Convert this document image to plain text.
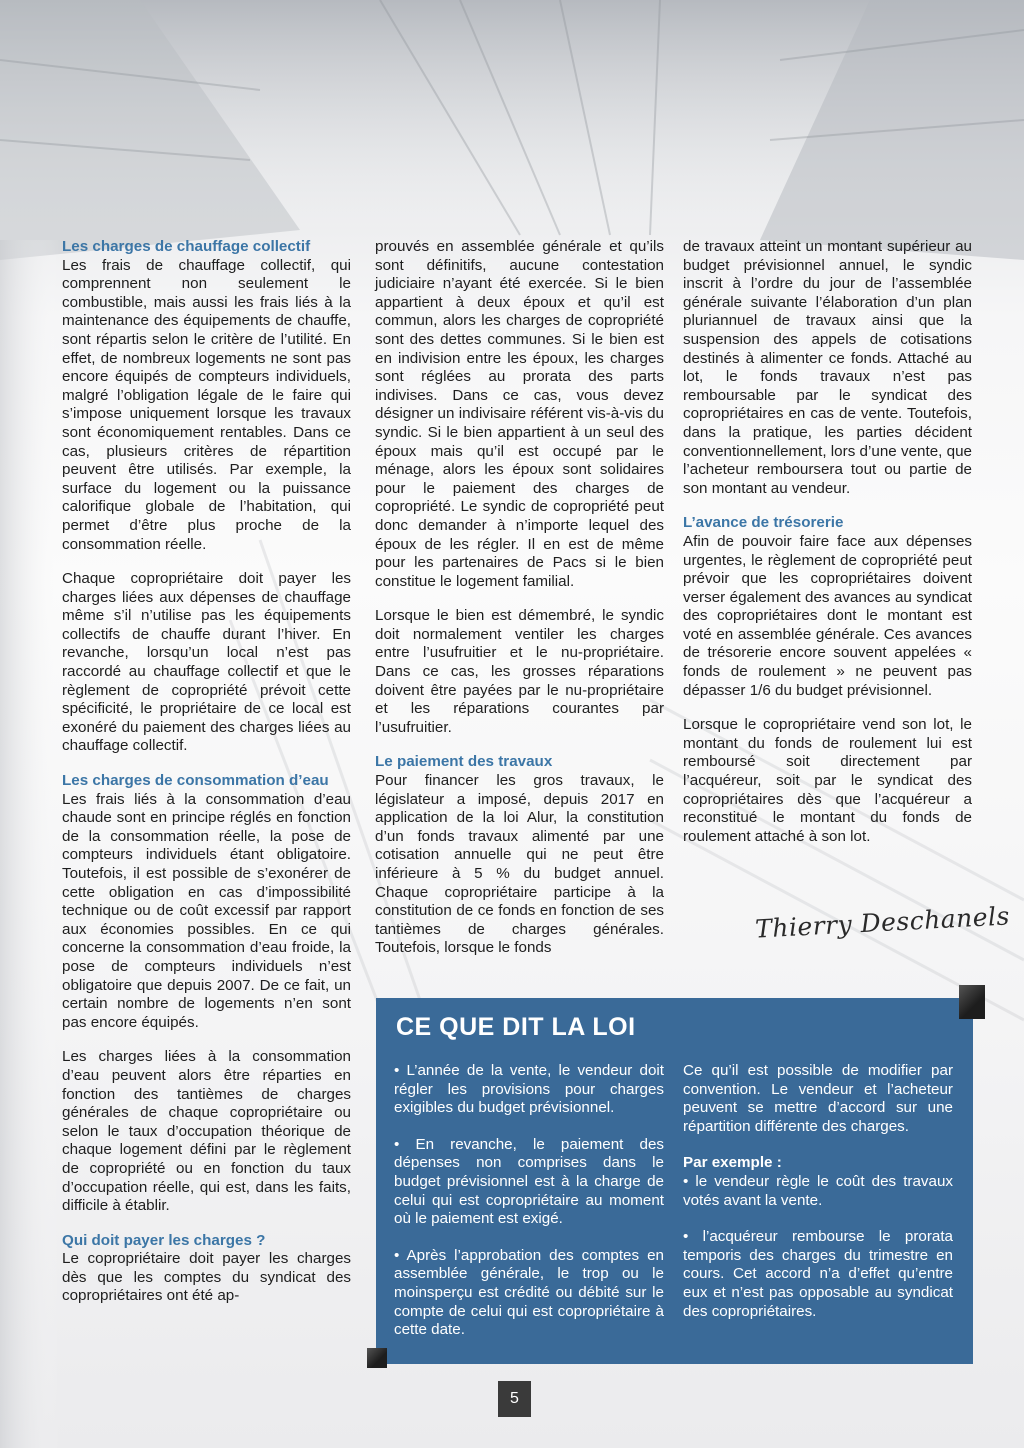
Les charges de chauffage collectif

Les frais de chauffage collectif, qui comprennent non seulement le combustible, mais aussi les frais liés à la maintenance des équipements de chauffe, sont répartis selon le critère de l’utilité. En effet, de nombreux logements ne sont pas encore équipés de compteurs individuels, malgré l’obligation légale de le faire qui s’impose uniquement lorsque les travaux sont économiquement rentables. Dans ce cas, plusieurs critères de répartition peuvent être utilisés. Par exemple, la surface du logement ou la puissance calorifique globale de l’habitation, qui permet d’être plus proche de la consommation réelle.

Chaque copropriétaire doit payer les charges liées aux dépenses de chauffage même s’il n’utilise pas les équipements collectifs de chauffe durant l’hiver. En revanche, lorsqu’un local n’est pas raccordé au chauffage collectif et que le règlement de copropriété prévoit cette spécificité, le propriétaire de ce local est exonéré du paiement des charges liées au chauffage collectif.

Les charges de consommation d’eau

Les frais liés à la consommation d’eau chaude sont en principe réglés en fonction de la consommation réelle, la pose de compteurs individuels étant obligatoire. Toutefois, il est possible de s’exonérer de cette obligation en cas d’impossibilité technique ou de coût excessif par rapport aux économies possibles. En ce qui concerne la consommation d’eau froide, la pose de compteurs individuels n’est obligatoire que depuis 2007. De ce fait, un certain nombre de logements n’en sont pas encore équipés.

Les charges liées à la consommation d’eau peuvent alors être réparties en fonction des tantièmes de charges générales de chaque copropriétaire ou selon le taux d’occupation théorique de chaque logement défini par le règlement de copropriété ou en fonction du taux d’occupation réelle, qui est, dans les faits, difficile à établir.

Qui doit payer les charges ?

Le copropriétaire doit payer les charges dès que les comptes du syndicat des copropriétaires ont été ap-

prouvés en assemblée générale et qu’ils sont définitifs, aucune contestation judiciaire n’ayant été exercée. Si le bien appartient à deux époux et qu’il est commun, alors les charges de copropriété sont des dettes communes. Si le bien est en indivision entre les époux, les charges sont réglées au prorata des parts indivises. Dans ce cas, vous devez désigner un indivisaire référent vis-à-vis du syndic. Si le bien appartient à un seul des époux mais qu’il est occupé par le ménage, alors les époux sont solidaires pour le paiement des charges de copropriété. Le syndic de copropriété peut donc demander à n’importe lequel des époux de les régler. Il en est de même pour les partenaires de Pacs si le bien constitue le logement familial.

Lorsque le bien est démembré, le syndic doit normalement ventiler les charges entre l’usufruitier et le nu-propriétaire. Dans ce cas, les grosses réparations doivent être payées par le nu-propriétaire et les réparations courantes par l’usufruitier.

Le paiement des travaux

Pour financer les gros travaux, le législateur a imposé, depuis 2017 en application de la loi Alur, la constitution d’un fonds travaux alimenté par une cotisation annuelle qui ne peut être inférieure à 5 % du budget annuel. Chaque copropriétaire participe à la constitution de ce fonds en fonction de ses tantièmes de charges générales. Toutefois, lorsque le fonds

de travaux atteint un montant supérieur au budget prévisionnel annuel, le syndic inscrit à l’ordre du jour de l’assemblée générale suivante l’élaboration d’un plan pluriannuel de travaux ainsi que la suspension des appels de cotisations destinés à alimenter ce fonds. Attaché au lot, le fonds travaux n’est pas remboursable par le syndicat des copropriétaires en cas de vente. Toutefois, dans la pratique, les parties décident conventionnellement, lors d’une vente, que l’acheteur remboursera tout ou partie de son montant au vendeur.

L’avance de trésorerie

Afin de pouvoir faire face aux dépenses urgentes, le règlement de copropriété peut prévoir que les copropriétaires doivent verser également des avances au syndicat des copropriétaires dont le montant est voté en assemblée générale. Ces avances de trésorerie encore souvent appelées « fonds de roulement » ne peuvent pas dépasser 1/6 du budget prévisionnel.

Lorsque le copropriétaire vend son lot, le montant du fonds de roulement lui est remboursé soit directement par l’acquéreur, soit par le syndicat des copropriétaires dès que l’acquéreur a reconstitué le montant du fonds de roulement attaché à son lot.

Thierry Deschanels
CE QUE DIT LA LOI

• L’année de la vente, le vendeur doit régler les provisions pour charges exigibles du budget prévisionnel.

• En revanche, le paiement des dépenses non comprises dans le budget prévisionnel est à la charge de celui qui est copropriétaire au moment où le paiement est exigé.

• Après l’approbation des comptes en assemblée générale, le trop ou le moinsperçu est crédité ou débité sur le compte de celui qui est copropriétaire à cette date.

Ce qu’il est possible de modifier par convention. Le vendeur et l’acheteur peuvent se mettre d’accord sur une répartition différente des charges.

Par exemple :
• le vendeur règle le coût des travaux votés avant la vente.

• l’acquéreur rembourse le prorata temporis des charges du trimestre en cours. Cet accord n’a d’effet qu’entre eux et n’est pas opposable au syndicat des copropriétaires.

5
